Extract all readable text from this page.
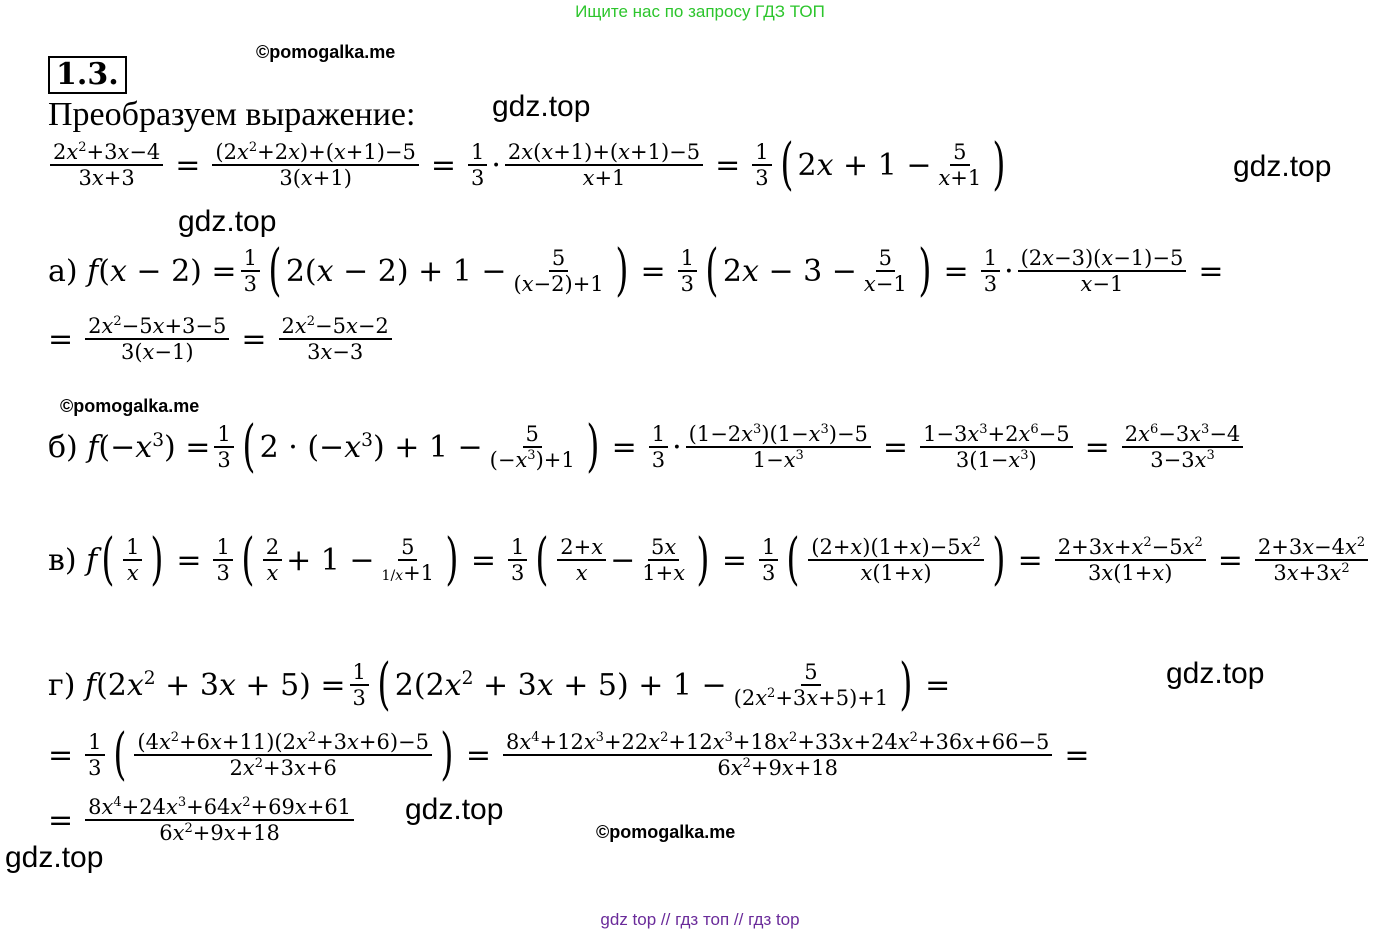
Ищите нас по запросу ГДЗ ТОП
1.3.
Преобразуем выражение:
©pomogalka.me
gdz.top
gdz.top
gdz.top
©pomogalka.me
gdz.top
gdz.top
©pomogalka.me
gdz.top
$\frac{2x^2+3x-4}{3x+3} = \frac{(2x^2+2x)+(x+1)-5}{3(x+1)} = \frac{1}{3} \cdot \frac{2x(x+1)+(x+1)-5}{x+1} = \frac{1}{3}$ ( $2x + 1 - \frac{5}{x+1}$ )
а) $f(x - 2) = \frac{1}{3}$ ( $2(x - 2) + 1 - \frac{5}{(x-2)+1}$ ) = $\frac{1}{3}$ ( $2x - 3 - \frac{5}{x-1}$ ) = $\frac{1}{3} \cdot \frac{(2x-3)(x-1)-5}{x-1}$ =
= $\frac{2x^2-5x+3-5}{3(x-1)} = \frac{2x^2-5x-2}{3x-3}$
б) $f(-x^3) = \frac{1}{3}$ ( $2 \cdot (-x^3) + 1 - \frac{5}{(-x^3)+1}$ ) = $\frac{1}{3} \cdot \frac{(1-2x^3)(1-x^3)-5}{1-x^3} = \frac{1-3x^3+2x^6-5}{3(1-x^3)} = \frac{2x^6-3x^3-4}{3-3x^3}$
в) f ( $\frac{1}{x}$ ) = $\frac{1}{3}$ ( $\frac{2}{x} + 1 - \frac{5}{1/x+1}$ ) = $\frac{1}{3}$ ( $\frac{2+x}{x} - \frac{5x}{1+x}$ ) = $\frac{1}{3}$ ( $\frac{(2+x)(1+x)-5x^2}{x(1+x)}$ ) = $\frac{2+3x+x^2-5x^2}{3x(1+x)} = \frac{2+3x-4x^2}{3x+3x^2}$
г) $f(2x^2 + 3x + 5) = \frac{1}{3}$ ( $2(2x^2 + 3x + 5) + 1 - \frac{5}{(2x^2+3x+5)+1}$ ) =
= $\frac{1}{3}$ ( $\frac{(4x^2+6x+11)(2x^2+3x+6)-5}{2x^2+3x+6}$ ) = $\frac{8x^4+12x^3+22x^2+12x^3+18x^2+33x+24x^2+36x+66-5}{6x^2+9x+18}$ =
= $\frac{8x^4+24x^3+64x^2+69x+61}{6x^2+9x+18}$
gdz top // гдз топ // гдз top
